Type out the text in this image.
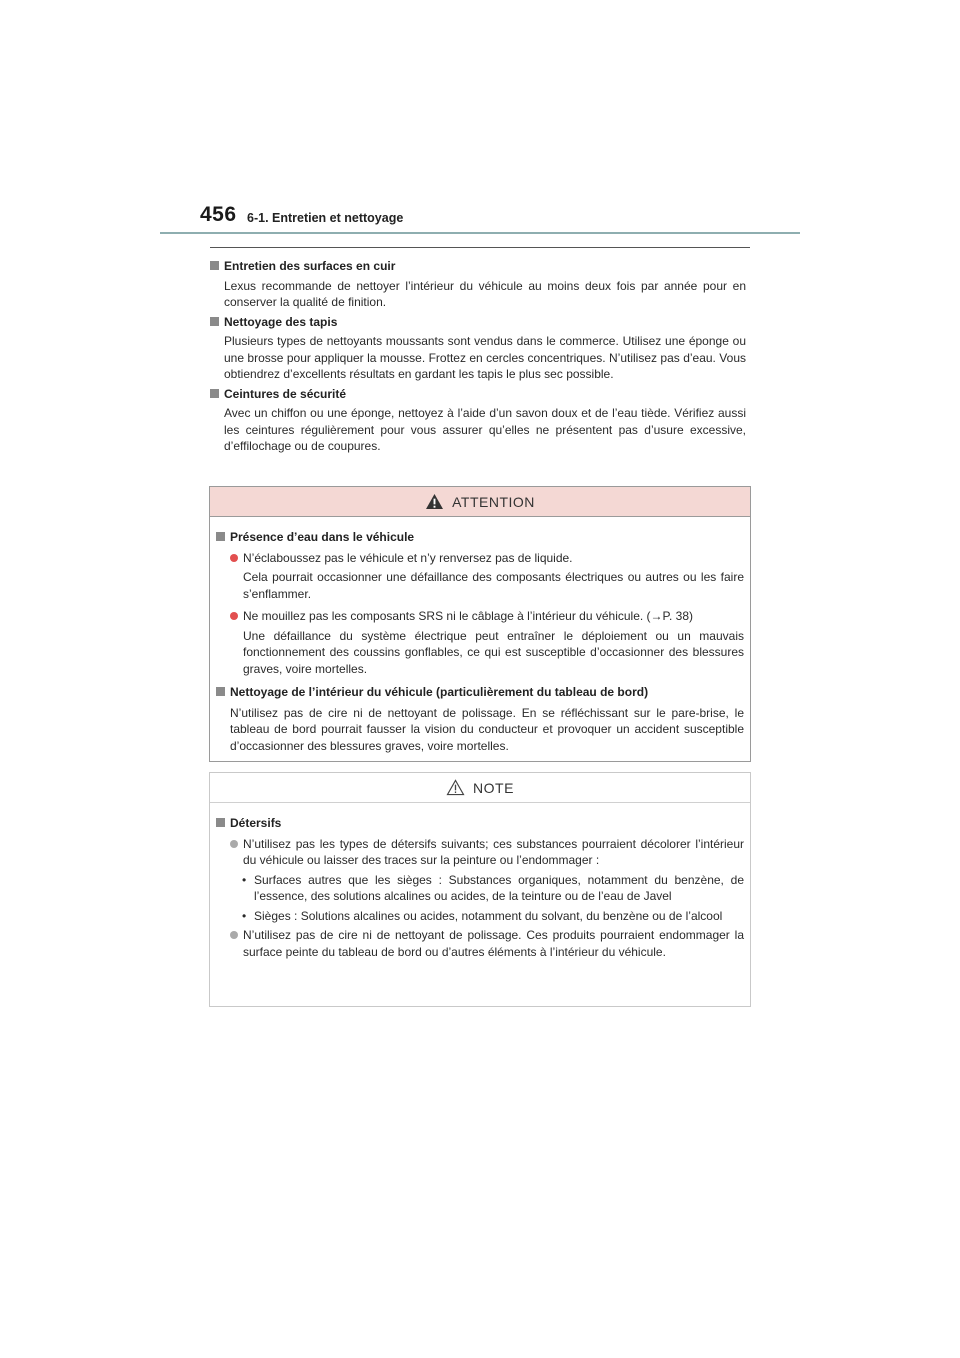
456 6-1. Entretien et nettoyage
Entretien des surfaces en cuir

Lexus recommande de nettoyer l’intérieur du véhicule au moins deux fois par année pour en conserver la qualité de finition.

Nettoyage des tapis

Plusieurs types de nettoyants moussants sont vendus dans le commerce. Utilisez une éponge ou une brosse pour appliquer la mousse. Frottez en cercles concentriques. N’utilisez pas d’eau. Vous obtiendrez d’excellents résultats en gardant les tapis le plus sec possible.

Ceintures de sécurité

Avec un chiffon ou une éponge, nettoyez à l’aide d’un savon doux et de l’eau tiède. Vérifiez aussi les ceintures régulièrement pour vous assurer qu’elles ne présentent pas d’usure excessive, d’effilochage ou de coupures.

ATTENTION
Présence d’eau dans le véhicule
N’éclaboussez pas le véhicule et n’y renversez pas de liquide.
Cela pourrait occasionner une défaillance des composants électriques ou autres ou les faire s’enflammer.
Ne mouillez pas les composants SRS ni le câblage à l’intérieur du véhicule. (→P. 38)
Une défaillance du système électrique peut entraîner le déploiement ou un mauvais fonctionnement des coussins gonflables, ce qui est susceptible d’occasionner des blessures graves, voire mortelles.
Nettoyage de l’intérieur du véhicule (particulièrement du tableau de bord)

N’utilisez pas de cire ni de nettoyant de polissage. En se réfléchissant sur le pare-brise, le tableau de bord pourrait fausser la vision du conducteur et provoquer un accident susceptible d’occasionner des blessures graves, voire mortelles.

NOTE
Détersifs
N’utilisez pas les types de détersifs suivants; ces substances pourraient décolorer l’intérieur du véhicule ou laisser des traces sur la peinture ou l’endommager :
• Surfaces autres que les sièges : Substances organiques, notamment du benzène, de l’essence, des solutions alcalines ou acides, de la teinture ou de l’eau de Javel
• Sièges : Solutions alcalines ou acides, notamment du solvant, du benzène ou de l’alcool
N’utilisez pas de cire ni de nettoyant de polissage. Ces produits pourraient endommager la surface peinte du tableau de bord ou d’autres éléments à l’intérieur du véhicule.
